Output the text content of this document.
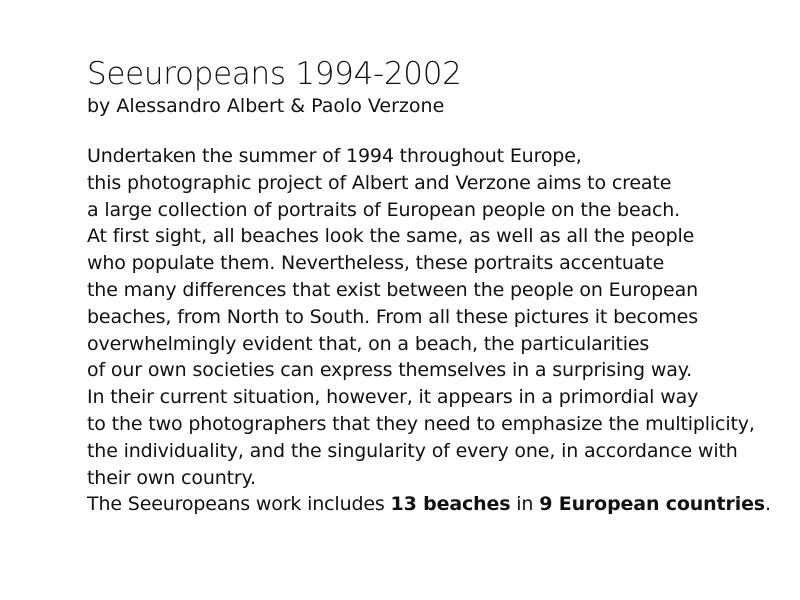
Seeuropeans 1994-2002

by Alessandro Albert & Paolo Verzone

Undertaken the summer of 1994 throughout Europe,
this photographic project of Albert and Verzone aims to create
a large collection of portraits of European people on the beach.
At first sight, all beaches look the same, as well as all the people
who populate them. Nevertheless, these portraits accentuate
the many differences that exist between the people on European
beaches, from North to South. From all these pictures it becomes
overwhelmingly evident that, on a beach, the particularities
of our own societies can express themselves in a surprising way.
In their current situation, however, it appears in a primordial way
to the two photographers that they need to emphasize the multiplicity,
the individuality, and the singularity of every one, in accordance with
their own country.
The Seeuropeans work includes 13 beaches in 9 European countries.
